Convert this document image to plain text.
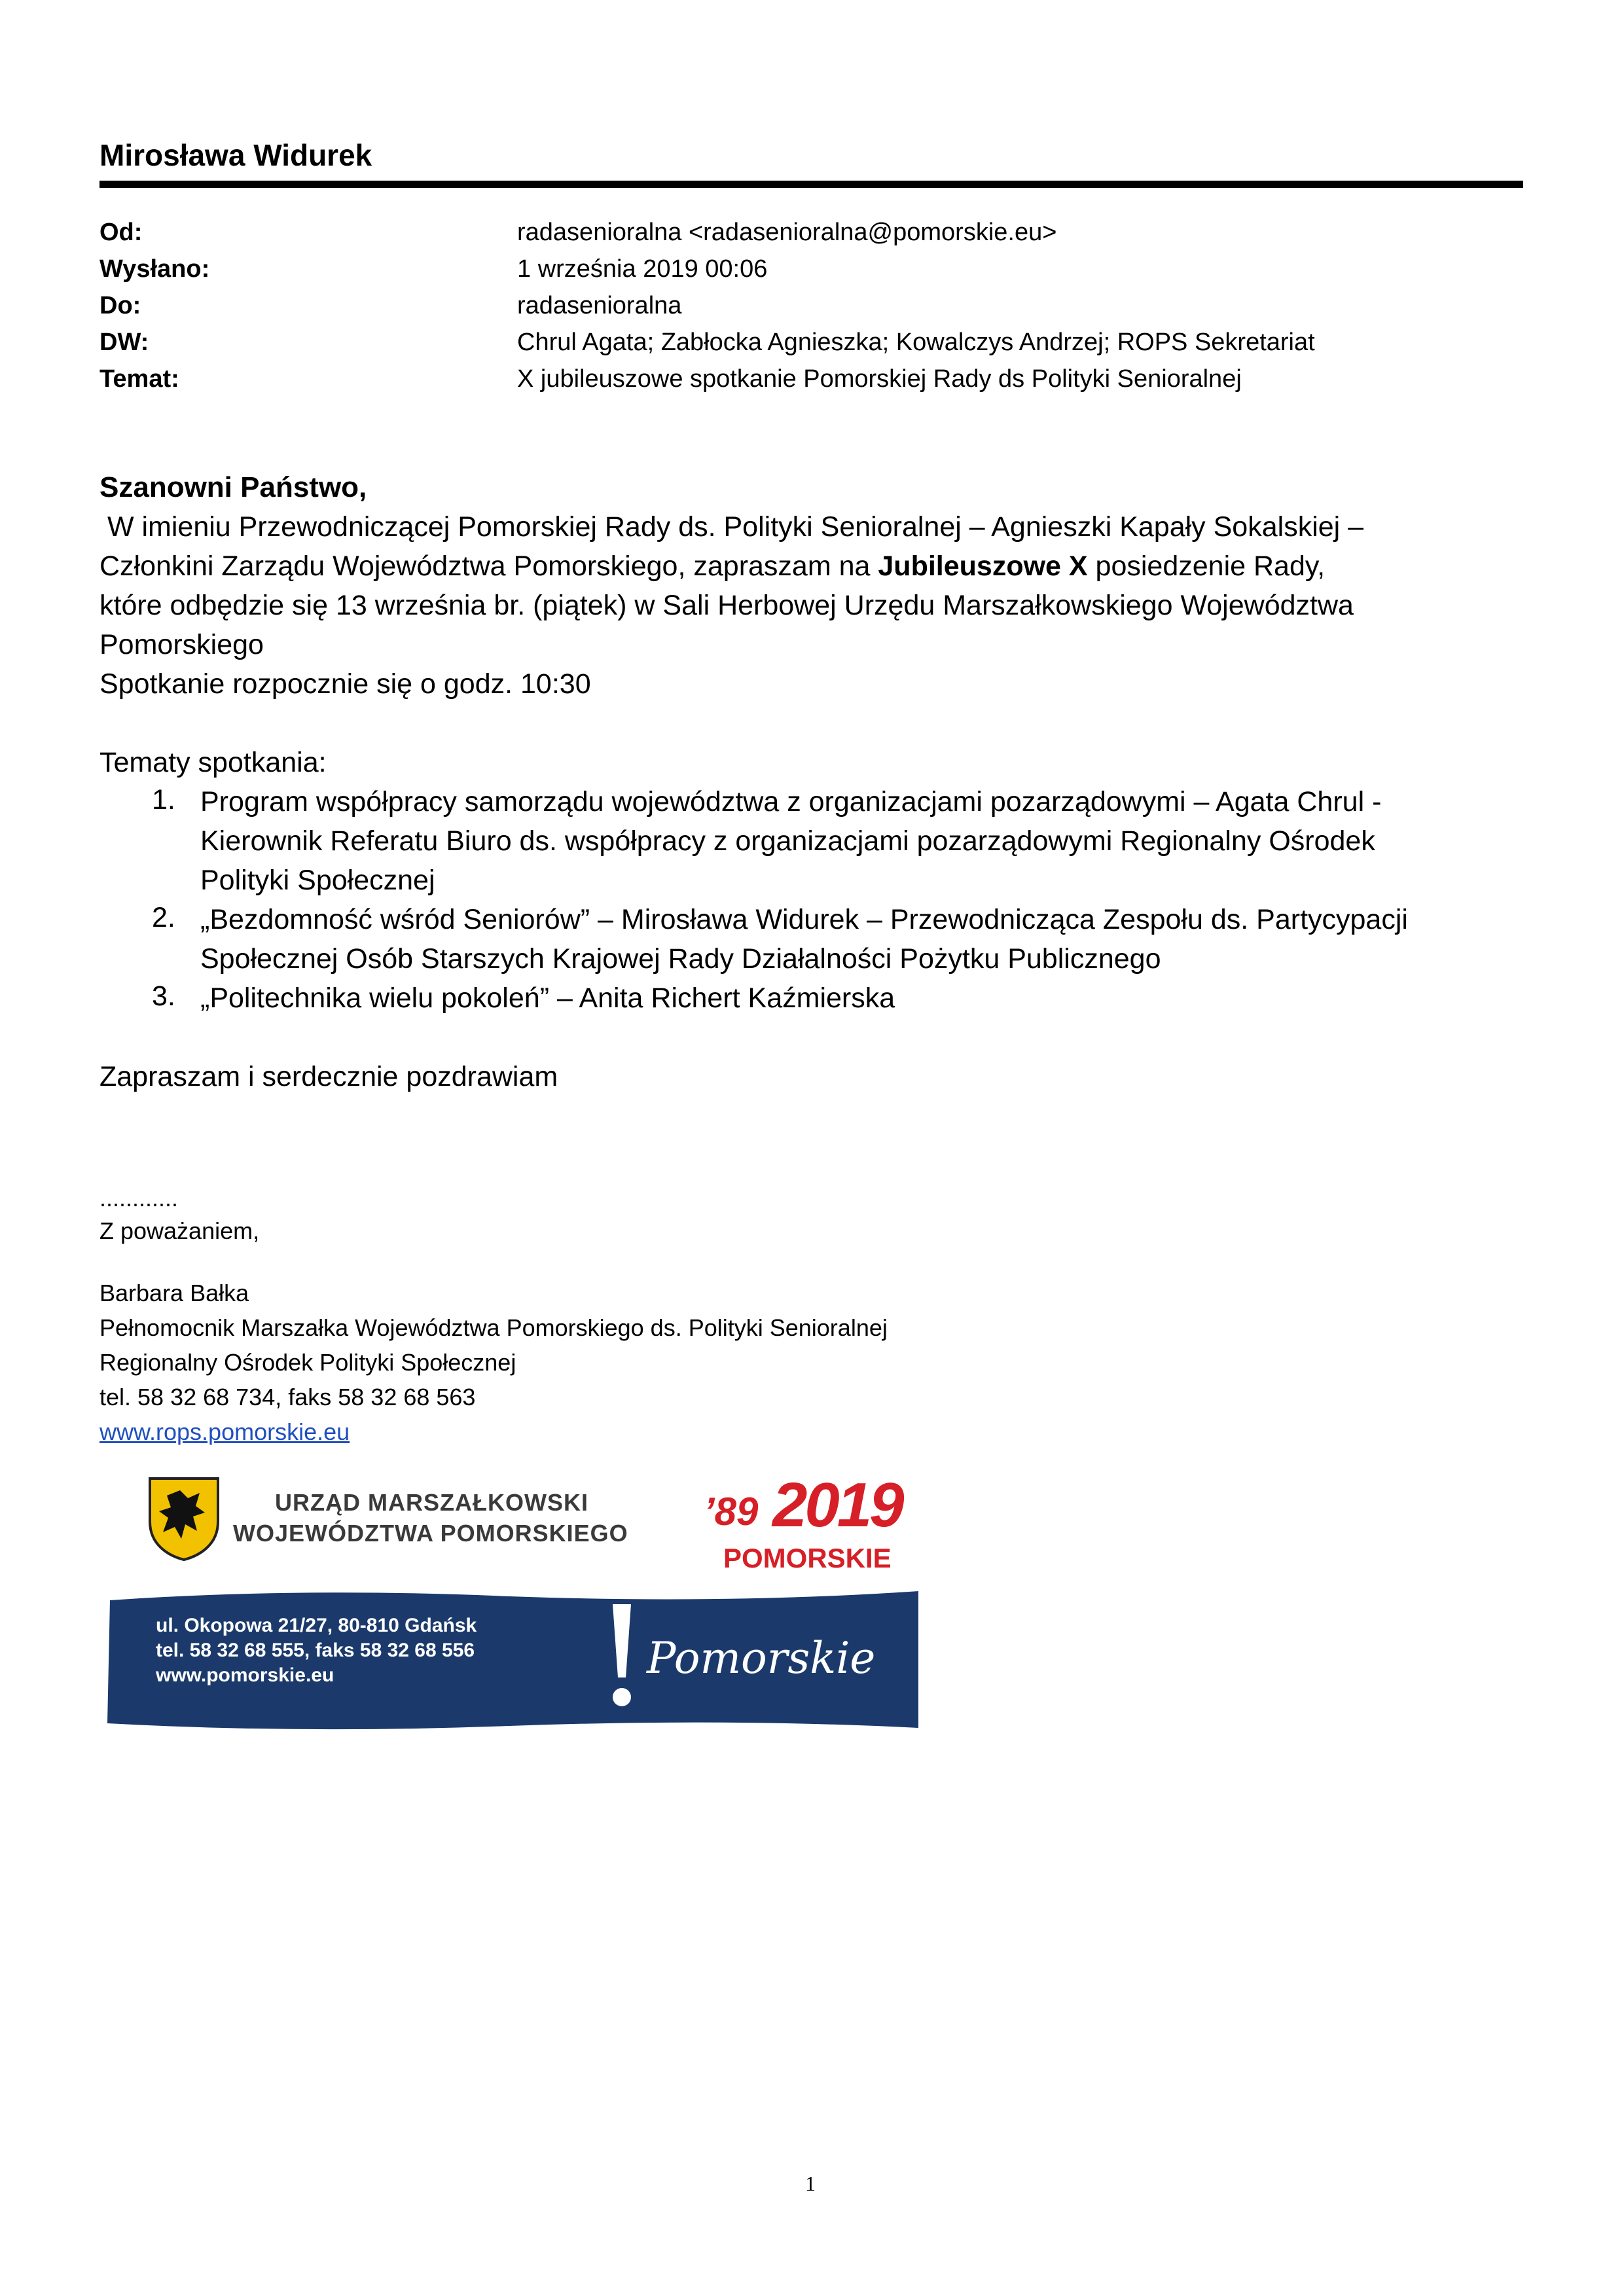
Mirosława Widurek
Od:	radasenioralna <radasenioralna@pomorskie.eu>
Wysłano:	1 września 2019 00:06
Do:	radasenioralna
DW:	Chrul Agata; Zabłocka Agnieszka; Kowalczys Andrzej; ROPS Sekretariat
Temat:	X jubileuszowe spotkanie Pomorskiej Rady ds Polityki Senioralnej
Szanowni Państwo,
W imieniu Przewodniczącej Pomorskiej Rady ds. Polityki Senioralnej – Agnieszki Kapały Sokalskiej –
Członkini Zarządu Województwa Pomorskiego, zapraszam na Jubileuszowe X posiedzenie Rady,
które odbędzie się 13 września br. (piątek) w Sali Herbowej Urzędu Marszałkowskiego Województwa
Pomorskiego
Spotkanie rozpocznie się o godz. 10:30
Tematy spotkania:
1. Program współpracy samorządu województwa z organizacjami pozarządowymi – Agata Chrul -
Kierownik Referatu Biuro ds. współpracy z organizacjami pozarządowymi Regionalny Ośrodek
Polityki Społecznej
2. „Bezdomność wśród Seniorów” – Mirosława Widurek – Przewodnicząca Zespołu ds. Partycypacji
Społecznej Osób Starszych Krajowej Rady Działalności Pożytku Publicznego
3. „Politechnika wielu pokoleń” – Anita Richert Kaźmierska
Zapraszam i serdecznie pozdrawiam
............
Z poważaniem,
Barbara Bałka
Pełnomocnik Marszałka Województwa Pomorskiego ds. Polityki Senioralnej
Regionalny Ośrodek Polityki Społecznej
tel. 58 32 68 734, faks 58 32 68 563
www.rops.pomorskie.eu
URZĄD MARSZAŁKOWSKI
WOJEWÓDZTWA POMORSKIEGO ’89 2019
POMORSKIE
ul. Okopowa 21/27, 80-810 Gdańsk
tel. 58 32 68 555, faks 58 32 68 556
www.pomorskie.eu	Pomorskie
1
